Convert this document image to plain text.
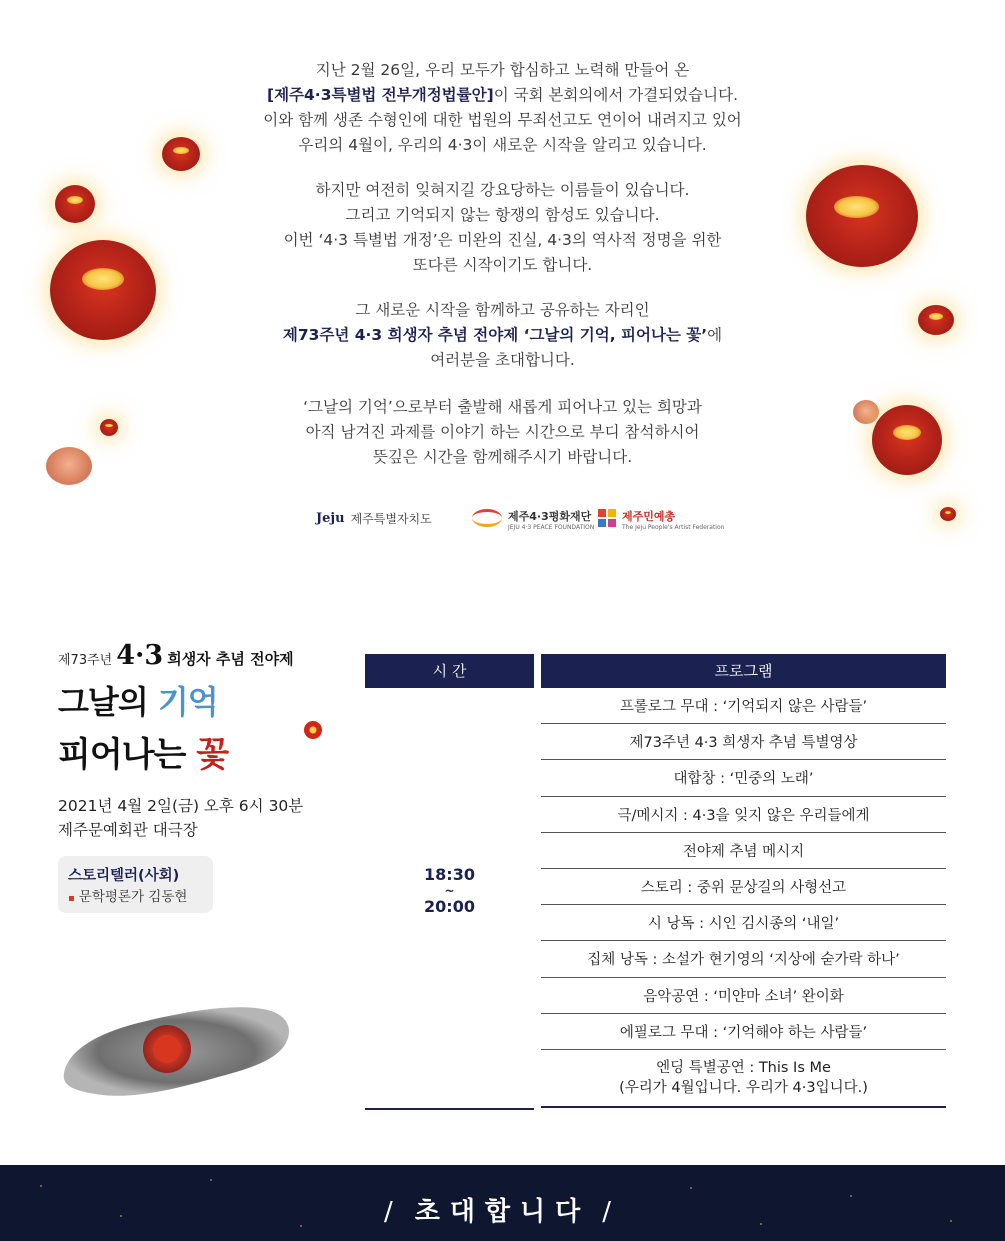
지난 2월 26일, 우리 모두가 합심하고 노력해 만들어 온

[제주4·3특별법 전부개정법률안]이 국회 본회의에서 가결되었습니다.

이와 함께 생존 수형인에 대한 법원의 무죄선고도 연이어 내려지고 있어

우리의 4월이, 우리의 4·3이 새로운 시작을 알리고 있습니다.

하지만 여전히 잊혀지길 강요당하는 이름들이 있습니다.

그리고 기억되지 않는 항쟁의 함성도 있습니다.

이번 ‘4·3 특별법 개정’은 미완의 진실, 4·3의 역사적 정명을 위한

또다른 시작이기도 합니다.

그 새로운 시작을 함께하고 공유하는 자리인

제73주년 4·3 희생자 추념 전야제 ‘그날의 기억, 피어나는 꽃’에

여러분을 초대합니다.

‘그날의 기억’으로부터 출발해 새롭게 피어나고 있는 희망과

아직 남겨진 과제를 이야기 하는 시간으로 부디 참석하시어

뜻깊은 시간을 함께해주시기 바랍니다.

Jeju 제주특별자치도	제주4·3평화재단
JEJU 4·3 PEACE FOUNDATION
제주민예총
The Jeju People's Artist Federation
제73주년 4·3 희생자 추념 전야제
그날의 기억
피어나는 꽃
2021년 4월 2일(금) 오후 6시 30분
제주문예회관 대극장
스토리텔러(사회)
▪ 문학평론가 김동현
시 간	프로그램
18:30
~
20:00
프롤로그 무대 : ‘기억되지 않은 사람들’
제73주년 4·3 희생자 추념 특별영상
대합창 : ‘민중의 노래’
극/메시지 : 4·3을 잊지 않은 우리들에게
전야제 추념 메시지
스토리 : 중위 문상길의 사형선고
시 낭독 : 시인 김시종의 ‘내일’
집체 낭독 : 소설가 현기영의 ‘지상에 숟가락 하나’
음악공연 : ‘미얀마 소녀’ 완이화
에필로그 무대 : ‘기억해야 하는 사람들’
엔딩 특별공연 : This Is Me
(우리가 4월입니다. 우리가 4·3입니다.)
/ 초대합니다 /
